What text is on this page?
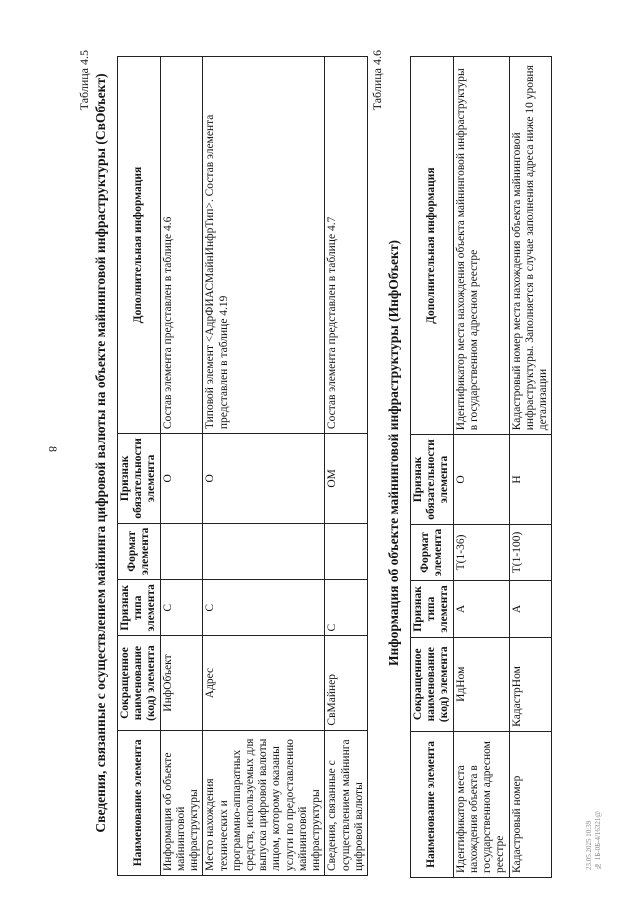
8
Таблица 4.5 Сведения, связанные с осуществлением майнинга цифровой валюты на объекте майнинговой инфраструктуры (СвОбъект) Наименование элемента	Сокращенное наименование (код) элемента	Признак типа элемента	Формат элемента	Признак обязательности элемента	Дополнительная информация
Информация об объекте майнинговой инфраструктуры	ИнфОбъект	С		О	Состав элемента представлен в таблице 4.6
Место нахождения технических и программно-аппаратных средств, используемых для выпуска цифровой валюты лицом, которому оказаны услуги по предоставлению майнинговой инфраструктуры	Адрес	С		О	Типовой элемент <АдрФИАСМайнИнфрТип>. Состав элемента представлен в таблице 4.19
Сведения, связанные с осуществлением майнинга цифровой валюты	СвМайнер	С		ОМ	Состав элемента представлен в таблице 4.7
Таблица 4.6
Информация об объекте майнинговой инфраструктуры (ИнфОбъект)
Наименование элемента	Сокращенное наименование (код) элемента	Признак типа элемента	Формат элемента	Признак обязательности элемента	Дополнительная информация
Идентификатор места нахождения объекта в государственном адресном реестре	ИдНом	А	T(1-36)	О	Идентификатор места нахождения объекта майнинговой инфраструктуры в государственном адресном реестре
Кадастровый номер	КадастрНом	А	T(1-100)	Н	Кадастровый номер места нахождения объекта майнинговой инфраструктуры. Заполняется в случае заполнения адреса ниже 10 уровня детализации
23.05.2025 10:39 № 1Б-0Б-4/16321@
